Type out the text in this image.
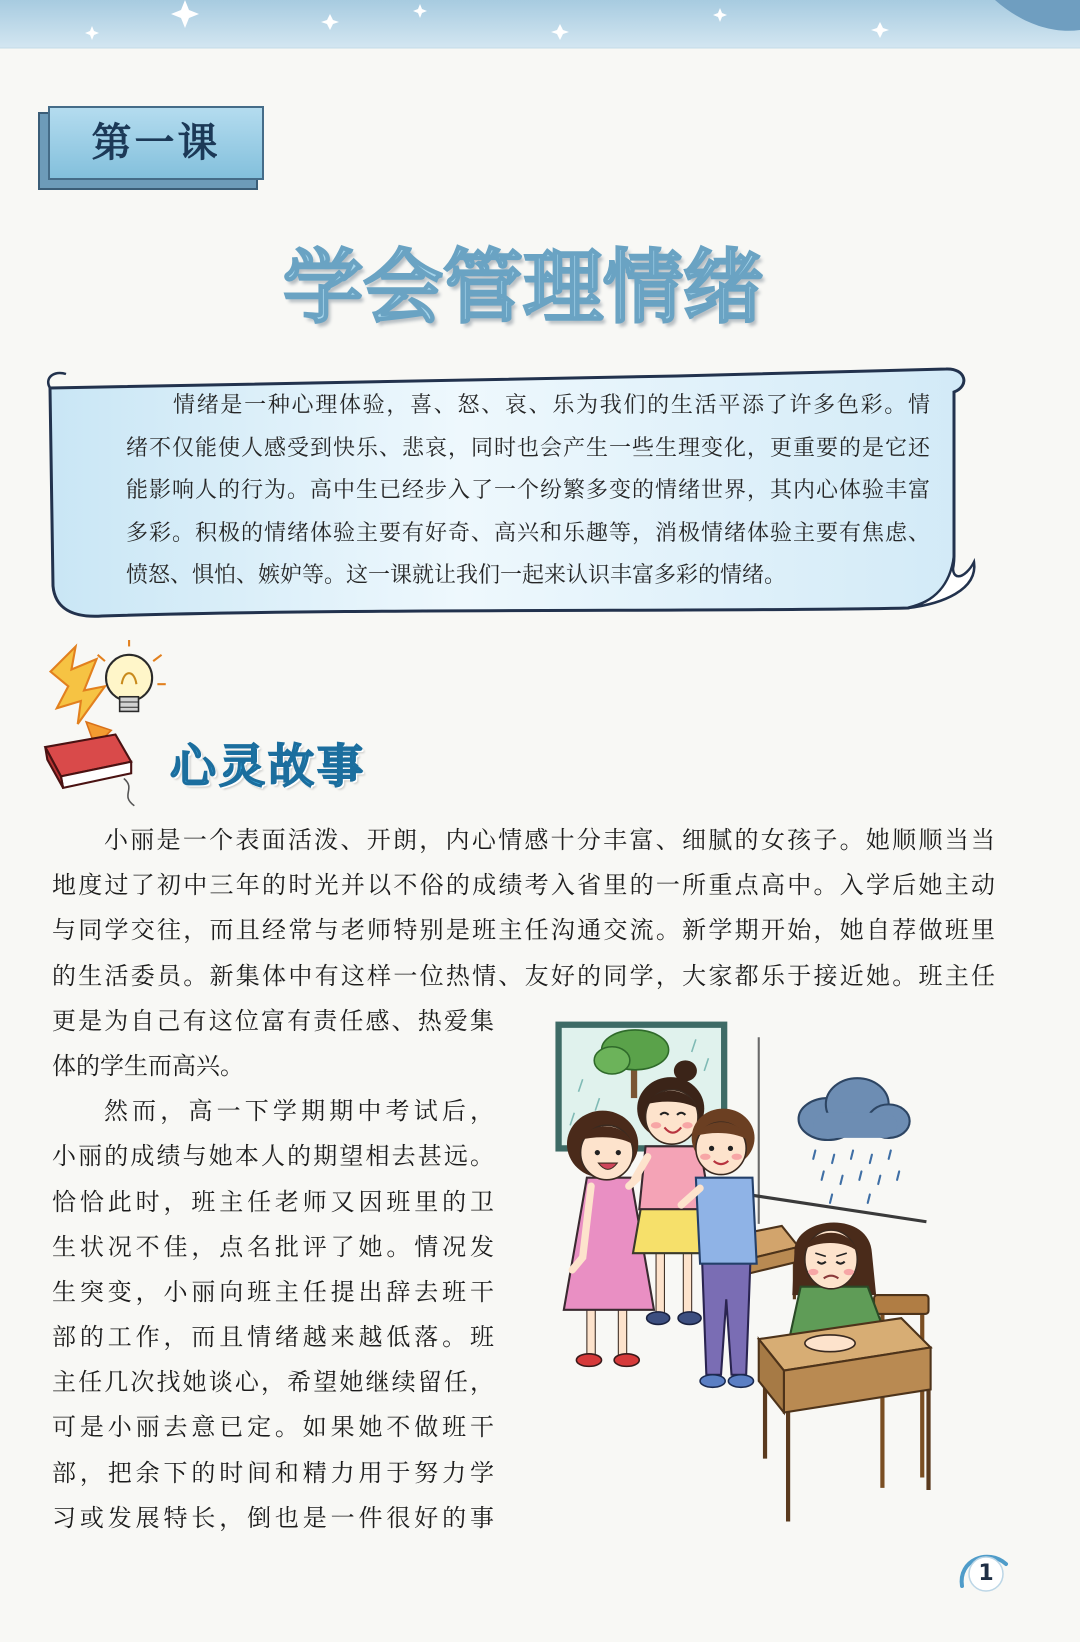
第一课
学会管理情绪
情绪是一种心理体验，喜、怒、哀、乐为我们的生活平添了许多色彩。情
绪不仅能使人感受到快乐、悲哀，同时也会产生一些生理变化，更重要的是它还
能影响人的行为。高中生已经步入了一个纷繁多变的情绪世界，其内心体验丰富
多彩。积极的情绪体验主要有好奇、高兴和乐趣等，消极情绪体验主要有焦虑、
愤怒、惧怕、嫉妒等。这一课就让我们一起来认识丰富多彩的情绪。
心灵故事
小丽是一个表面活泼、开朗，内心情感十分丰富、细腻的女孩子。她顺顺当当
地度过了初中三年的时光并以不俗的成绩考入省里的一所重点高中。入学后她主动
与同学交往，而且经常与老师特别是班主任沟通交流。新学期开始，她自荐做班里
的生活委员。新集体中有这样一位热情、友好的同学，大家都乐于接近她。班主任
更是为自己有这位富有责任感、热爱集
体的学生而高兴。
然而，高一下学期期中考试后，
小丽的成绩与她本人的期望相去甚远。
恰恰此时，班主任老师又因班里的卫
生状况不佳，点名批评了她。情况发
生突变，小丽向班主任提出辞去班干
部的工作，而且情绪越来越低落。班
主任几次找她谈心，希望她继续留任，
可是小丽去意已定。如果她不做班干
部，把余下的时间和精力用于努力学
习或发展特长，倒也是一件很好的事
1
